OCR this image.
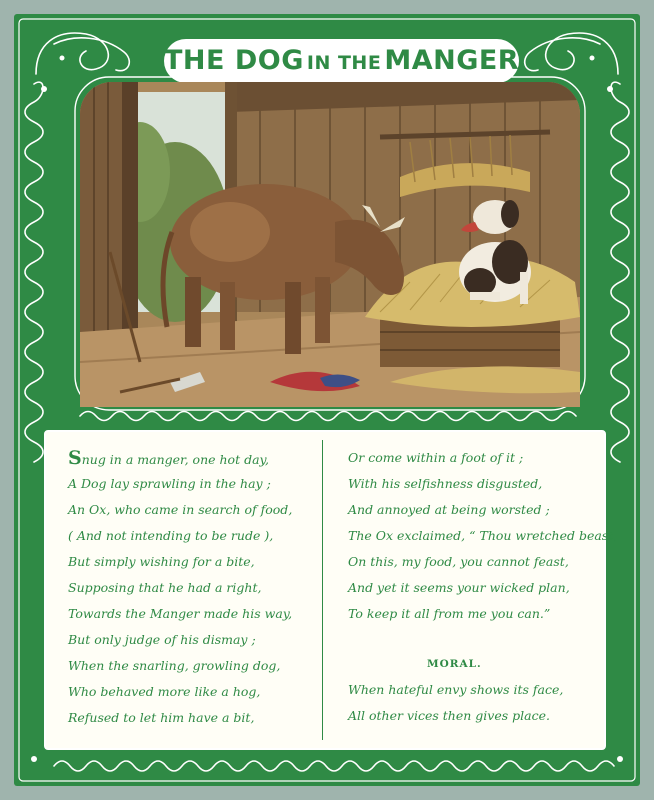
THE DOG IN THE MANGER
Snug in a manger, one hot day,
A Dog lay sprawling in the hay ;
An Ox, who came in search of food,
( And not intending to be rude ),
But simply wishing for a bite,
Supposing that he had a right,
Towards the Manger made his way,
But only judge of his dismay ;
When the snarling, growling dog,
Who behaved more like a hog,
Refused to let him have a bit,
Or come within a foot of it ;
With his selfishness disgusted,
And annoyed at being worsted ;
The Ox exclaimed, “ Thou wretched beast,
On this, my food, you cannot feast,
And yet it seems your wicked plan,
To keep it all from me you can.”

MORAL.

When hateful envy shows its face,
All other vices then gives place.
